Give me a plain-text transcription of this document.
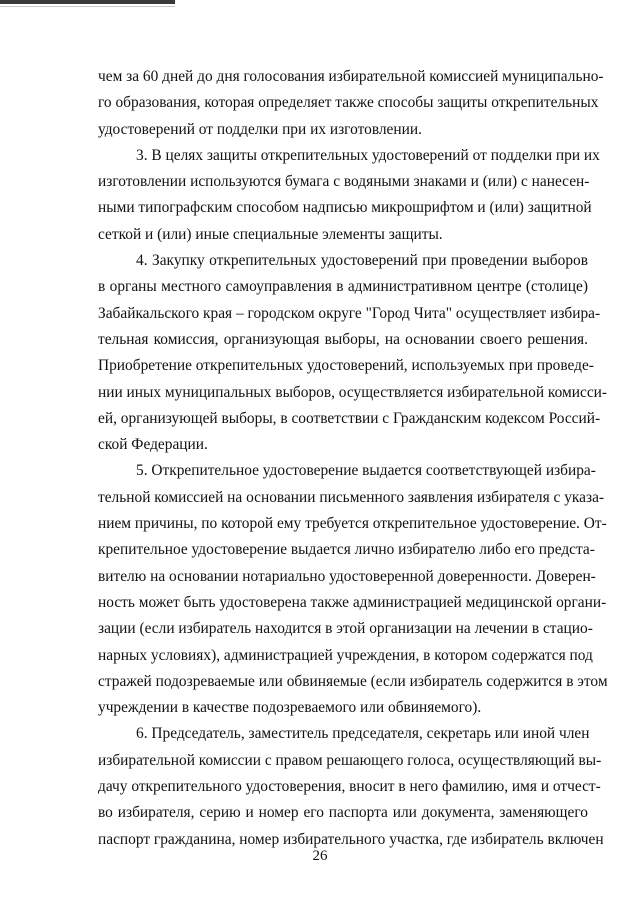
чем за 60 дней до дня голосования избирательной комиссией муниципально-
го образования, которая определяет также способы защиты открепительных
удостоверений от подделки при их изготовлении.

3. В целях защиты открепительных удостоверений от подделки при их
изготовлении используются бумага с водяными знаками и (или) с нанесен-
ными типографским способом надписью микрошрифтом и (или) защитной
сеткой и (или) иные специальные элементы защиты.

4. Закупку открепительных удостоверений при проведении выборов
в органы местного самоуправления в административном центре (столице)
Забайкальского края – городском округе "Город Чита" осуществляет избира-
тельная комиссия, организующая выборы, на основании своего решения.
Приобретение открепительных удостоверений, используемых при проведе-
нии иных муниципальных выборов, осуществляется избирательной комисси-
ей, организующей выборы, в соответствии с Гражданским кодексом Россий-
ской Федерации.

5. Открепительное удостоверение выдается соответствующей избира-
тельной комиссией на основании письменного заявления избирателя с указа-
нием причины, по которой ему требуется открепительное удостоверение. От-
крепительное удостоверение выдается лично избирателю либо его предста-
вителю на основании нотариально удостоверенной доверенности. Доверен-
ность может быть удостоверена также администрацией медицинской органи-
зации (если избиратель находится в этой организации на лечении в стацио-
нарных условиях), администрацией учреждения, в котором содержатся под
стражей подозреваемые или обвиняемые (если избиратель содержится в этом
учреждении в качестве подозреваемого или обвиняемого).

6. Председатель, заместитель председателя, секретарь или иной член
избирательной комиссии с правом решающего голоса, осуществляющий вы-
дачу открепительного удостоверения, вносит в него фамилию, имя и отчест-
во избирателя, серию и номер его паспорта или документа, заменяющего
паспорт гражданина, номер избирательного участка, где избиратель включен

26
